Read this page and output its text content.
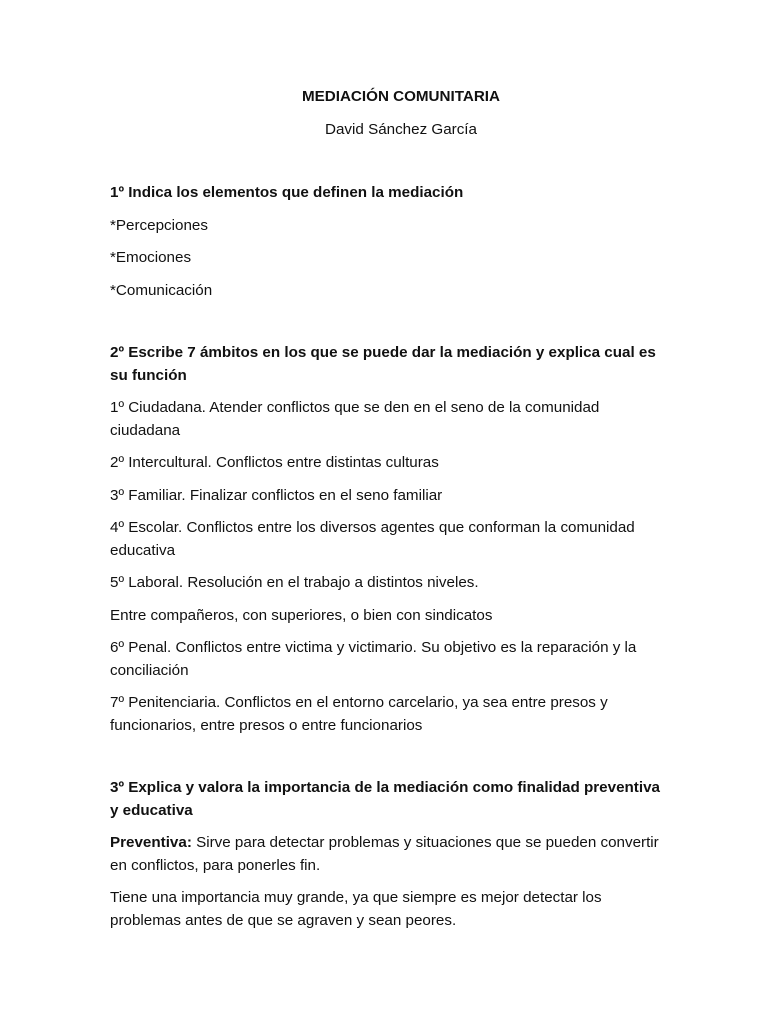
MEDIACIÓN COMUNITARIA
David Sánchez García
1º Indica los elementos que definen la mediación

*Percepciones

*Emociones

*Comunicación

2º Escribe 7 ámbitos en los que se puede dar la mediación y explica cual es su función

1º Ciudadana. Atender conflictos que se den en el seno de la comunidad ciudadana

2º Intercultural. Conflictos entre distintas culturas

3º Familiar. Finalizar conflictos en el seno familiar

4º Escolar. Conflictos entre los diversos agentes que conforman la comunidad educativa

5º Laboral. Resolución en el trabajo a distintos niveles.

Entre compañeros, con superiores, o bien con sindicatos

6º Penal. Conflictos entre victima y victimario. Su objetivo es la reparación y la conciliación

7º Penitenciaria. Conflictos en el entorno carcelario, ya sea entre presos y funcionarios, entre presos o entre funcionarios

3º Explica y valora la importancia de la mediación como finalidad preventiva y educativa

Preventiva: Sirve para detectar problemas y situaciones que se pueden convertir en conflictos, para ponerles fin.

Tiene una importancia muy grande, ya que siempre es mejor detectar los problemas antes de que se agraven y sean peores.
